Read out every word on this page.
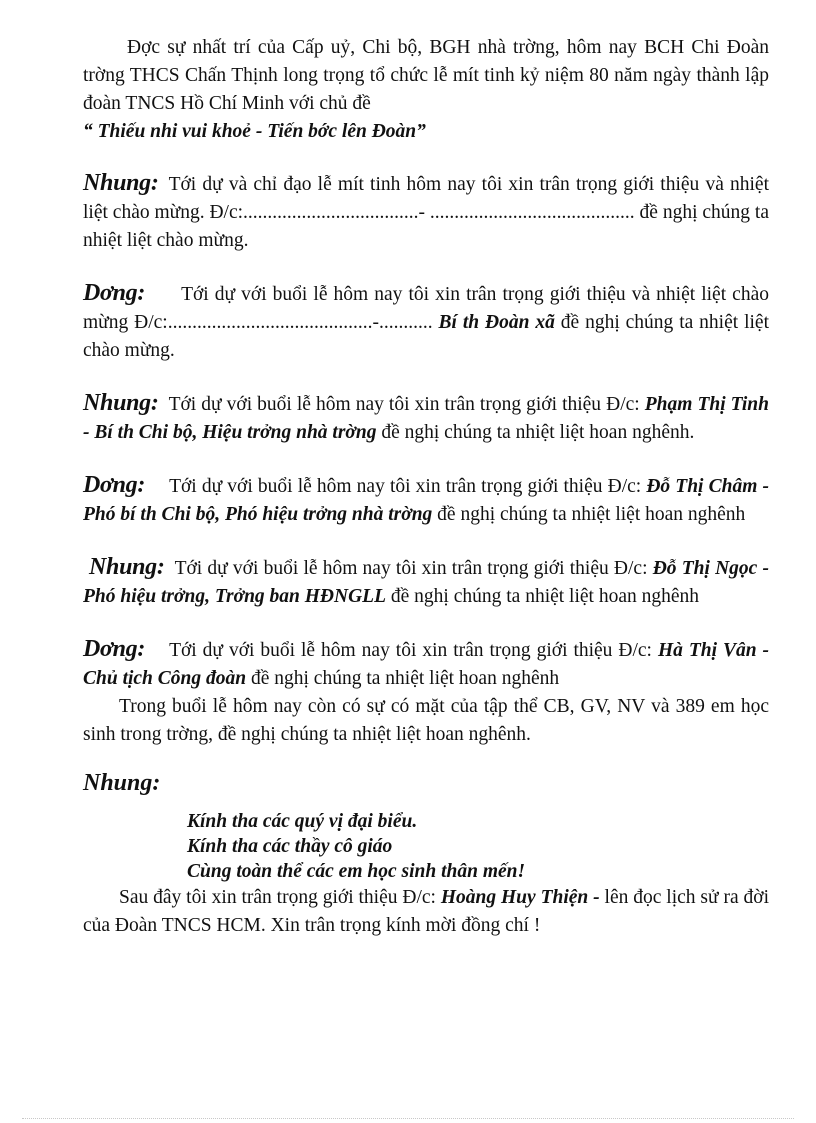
Đợc sự nhất trí của Cấp uỷ, Chi bộ, BGH nhà trờng, hôm nay BCH Chi Đoàn trờng THCS Chấn Thịnh long trọng tổ chức lễ mít tinh kỷ niệm 80 năm ngày thành lập đoàn TNCS Hồ Chí Minh với chủ đề

“ Thiếu nhi vui khoẻ - Tiến bớc lên Đoàn”

Nhung: Tới dự và chỉ đạo lễ mít tinh hôm nay tôi xin trân trọng giới thiệu và nhiệt liệt chào mừng. Đ/c:....................................- .......................................... đề nghị chúng ta nhiệt liệt chào mừng.

Dơng: Tới dự với buổi lễ hôm nay tôi xin trân trọng giới thiệu và nhiệt liệt chào mừng Đ/c:..........................................-........... Bí th Đoàn xã đề nghị chúng ta nhiệt liệt chào mừng.

Nhung: Tới dự với buổi lễ hôm nay tôi xin trân trọng giới thiệu Đ/c: Phạm Thị Tinh - Bí th Chi bộ, Hiệu trởng nhà trờng đề nghị chúng ta nhiệt liệt hoan nghênh.

Dơng: Tới dự với buổi lễ hôm nay tôi xin trân trọng giới thiệu Đ/c: Đỗ Thị Châm - Phó bí th Chi bộ, Phó hiệu trởng nhà trờng đề nghị chúng ta nhiệt liệt hoan nghênh

Nhung: Tới dự với buổi lễ hôm nay tôi xin trân trọng giới thiệu Đ/c: Đỗ Thị Ngọc - Phó hiệu trởng, Trởng ban HĐNGLL đề nghị chúng ta nhiệt liệt hoan nghênh

Dơng: Tới dự với buổi lễ hôm nay tôi xin trân trọng giới thiệu Đ/c: Hà Thị Vân - Chủ tịch Công đoàn đề nghị chúng ta nhiệt liệt hoan nghênh

Trong buổi lễ hôm nay còn có sự có mặt của tập thể CB, GV, NV và 389 em học sinh trong trờng, đề nghị chúng ta nhiệt liệt hoan nghênh.

Nhung:

Kính tha các quý vị đại biểu.

Kính tha các thầy cô giáo

Cùng toàn thể các em học sinh thân mến!

Sau đây tôi xin trân trọng giới thiệu Đ/c: Hoàng Huy Thiện - lên đọc lịch sử ra đời của Đoàn TNCS HCM. Xin trân trọng kính mời đồng chí !
